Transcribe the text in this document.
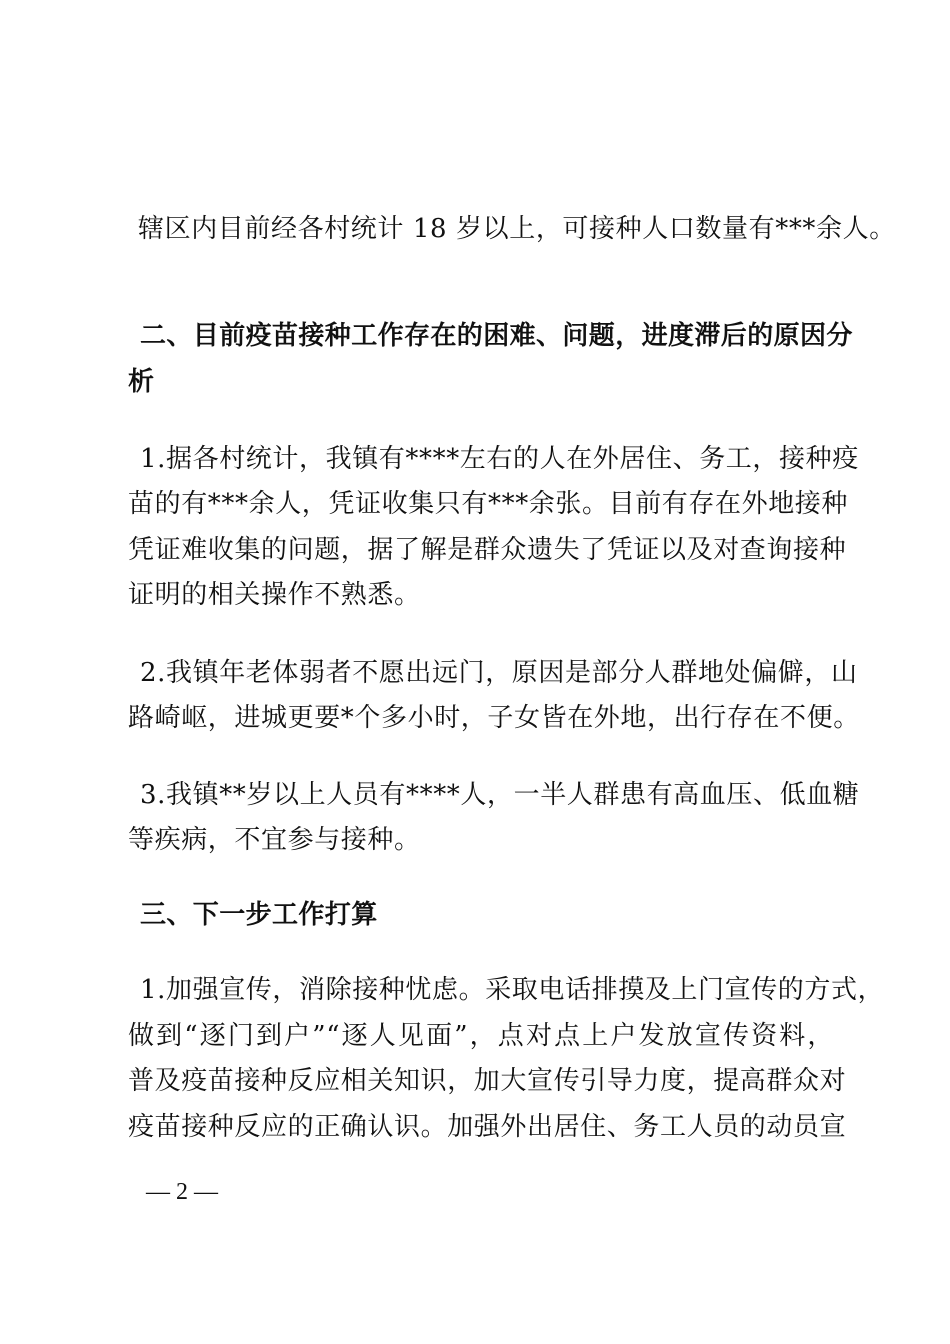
辖区内目前经各村统计 18 岁以上，可接种人口数量有***余人。
二、目前疫苗接种工作存在的困难、问题，进度滞后的原因分
析
1.据各村统计，我镇有****左右的人在外居住、务工，接种疫
苗的有***余人，凭证收集只有***余张。目前有存在外地接种
凭证难收集的问题，据了解是群众遗失了凭证以及对查询接种
证明的相关操作不熟悉。
2.我镇年老体弱者不愿出远门，原因是部分人群地处偏僻，山
路崎岖，进城更要*个多小时，子女皆在外地，出行存在不便。
3.我镇**岁以上人员有****人，一半人群患有高血压、低血糖
等疾病，不宜参与接种。
三、下一步工作打算
1.加强宣传，消除接种忧虑。采取电话排摸及上门宣传的方式，
做到“逐门到户”“逐人见面”，点对点上户发放宣传资料，
普及疫苗接种反应相关知识，加大宣传引导力度，提高群众对
疫苗接种反应的正确认识。加强外出居住、务工人员的动员宣
— 2 —
